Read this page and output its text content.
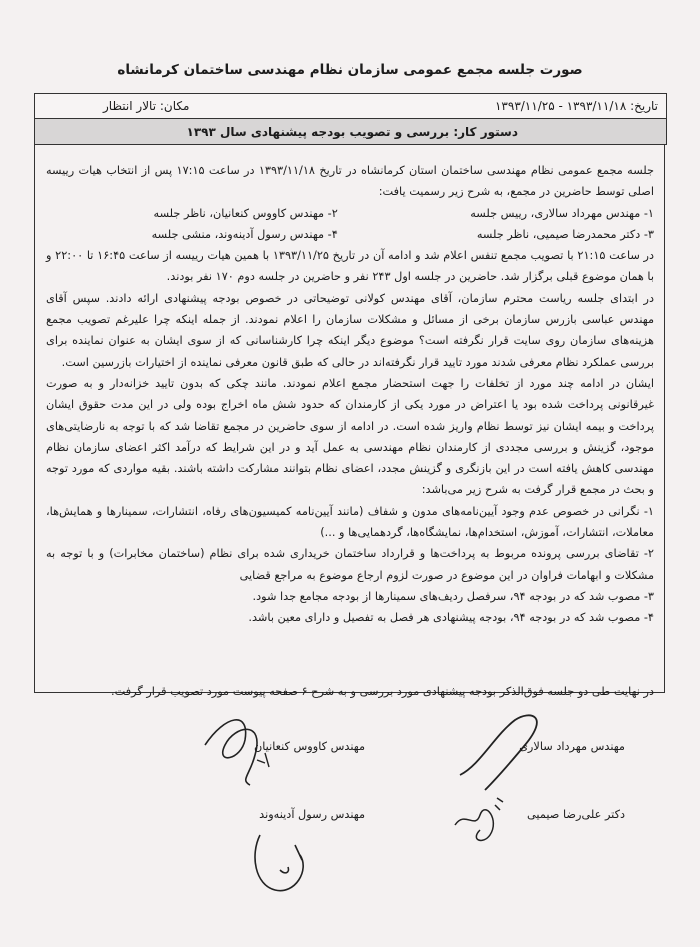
صورت جلسه مجمع عمومی سازمان نظام مهندسی ساختمان کرمانشاه
تاریخ: ۱۳۹۳/۱۱/۱۸ - ۱۳۹۳/۱۱/۲۵
مکان: تالار انتظار
دستور کار: بررسی و تصویب بودجه پیشنهادی سال ۱۳۹۳

جلسه مجمع عمومی نظام مهندسی ساختمان استان کرمانشاه در تاریخ ۱۳۹۳/۱۱/۱۸ در ساعت ۱۷:۱۵ پس از انتخاب هیات رییسه اصلی توسط حاضرین در مجمع، به شرح زیر رسمیت یافت:

۱- مهندس مهرداد سالاری، رییس جلسه
۲- مهندس کاووس کنعانیان، ناظر جلسه
۳- دکتر محمدرضا صیمیی، ناظر جلسه
۴- مهندس رسول آدینه‌وند، منشی جلسه

در ساعت ۲۱:۱۵ با تصویب مجمع تنفس اعلام شد و ادامه آن در تاریخ ۱۳۹۳/۱۱/۲۵ با همین هیات رییسه از ساعت ۱۶:۴۵ تا ۲۲:۰۰ و با همان موضوع قبلی برگزار شد. حاضرین در جلسه اول ۲۴۳ نفر و حاضرین در جلسه دوم ۱۷۰ نفر بودند.

در ابتدای جلسه ریاست محترم سازمان، آقای مهندس کولانی توضیحاتی در خصوص بودجه پیشنهادی ارائه دادند. سپس آقای مهندس عباسی بازرس سازمان برخی از مسائل و مشکلات سازمان را اعلام نمودند. از جمله اینکه چرا علیرغم تصویب مجمع هزینه‌های سازمان روی سایت قرار نگرفته است؟ موضوع دیگر اینکه چرا کارشناسانی که از سوی ایشان به عنوان نماینده برای بررسی عملکرد نظام معرفی شدند مورد تایید قرار نگرفته‌اند در حالی که طبق قانون معرفی نماینده از اختیارات بازرسین است.

ایشان در ادامه چند مورد از تخلفات را جهت استحضار مجمع اعلام نمودند. مانند چکی که بدون تایید خزانه‌دار و به صورت غیرقانونی پرداخت شده بود یا اعتراض در مورد یکی از کارمندان که حدود شش ماه اخراج بوده ولی در این مدت حقوق ایشان پرداخت و بیمه ایشان نیز توسط نظام واریز شده است. در ادامه از سوی حاضرین در مجمع تقاضا شد که با توجه به نارضایتی‌های موجود، گزینش و بررسی مجددی از کارمندان نظام مهندسی به عمل آید و در این شرایط که درآمد اکثر اعضای سازمان نظام مهندسی کاهش یافته است در این بازنگری و گزینش مجدد، اعضای نظام بتوانند مشارکت داشته باشند. بقیه مواردی که مورد توجه و بحث در مجمع قرار گرفت به شرح زیر می‌باشد:

۱- نگرانی در خصوص عدم وجود آیین‌نامه‌های مدون و شفاف (مانند آیین‌نامه کمیسیون‌های رفاه، انتشارات، سمینارها و همایش‌ها، معاملات، انتشارات، آموزش، استخدام‌ها، نمایشگاه‌ها، گردهمایی‌ها و ...)

۲- تقاضای بررسی پرونده مربوط به پرداخت‌ها و قرارداد ساختمان خریداری شده برای نظام (ساختمان مخابرات) و با توجه به مشکلات و ابهامات فراوان در این موضوع در صورت لزوم ارجاع موضوع به مراجع قضایی

۳- مصوب شد که در بودجه ۹۴، سرفصل ردیف‌های سمینارها از بودجه مجامع جدا شود.

۴- مصوب شد که در بودجه ۹۴، بودجه پیشنهادی هر فصل به تفصیل و دارای معین باشد.

در نهایت طی دو جلسه فوق‌الذکر بودجه پیشنهادی مورد بررسی و به شرح ۶ صفحه پیوست مورد تصویب قرار گرفت.

مهندس مهرداد سالاری
مهندس کاووس کنعانیان
دکتر علی‌رضا صیمیی
مهندس رسول آدینه‌وند
